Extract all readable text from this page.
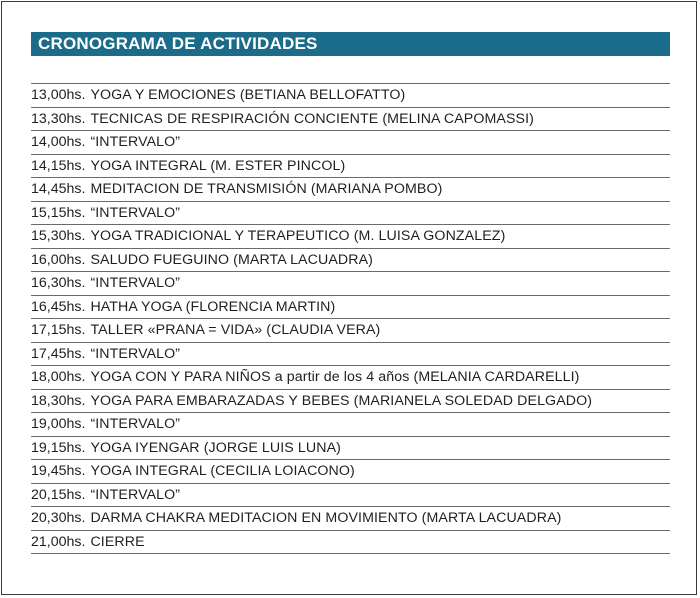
CRONOGRAMA DE ACTIVIDADES
13,00hs. YOGA Y EMOCIONES (BETIANA BELLOFATTO)
13,30hs. TECNICAS DE RESPIRACIÓN CONCIENTE (MELINA CAPOMASSI)
14,00hs. “INTERVALO”
14,15hs. YOGA INTEGRAL (M. ESTER PINCOL)
14,45hs. MEDITACION DE TRANSMISIÓN (MARIANA POMBO)
15,15hs. “INTERVALO”
15,30hs. YOGA TRADICIONAL Y TERAPEUTICO (M. LUISA GONZALEZ)
16,00hs. SALUDO FUEGUINO (MARTA LACUADRA)
16,30hs. “INTERVALO”
16,45hs. HATHA YOGA (FLORENCIA MARTIN)
17,15hs. TALLER «PRANA = VIDA» (CLAUDIA VERA)
17,45hs. “INTERVALO”
18,00hs. YOGA CON Y PARA NIÑOS a partir de los 4 años (MELANIA CARDARELLI)
18,30hs. YOGA PARA EMBARAZADAS Y BEBES (MARIANELA SOLEDAD DELGADO)
19,00hs. “INTERVALO”
19,15hs. YOGA IYENGAR (JORGE LUIS LUNA)
19,45hs. YOGA INTEGRAL (CECILIA LOIACONO)
20,15hs. “INTERVALO”
20,30hs. DARMA CHAKRA MEDITACION EN MOVIMIENTO (MARTA LACUADRA)
21,00hs. CIERRE
